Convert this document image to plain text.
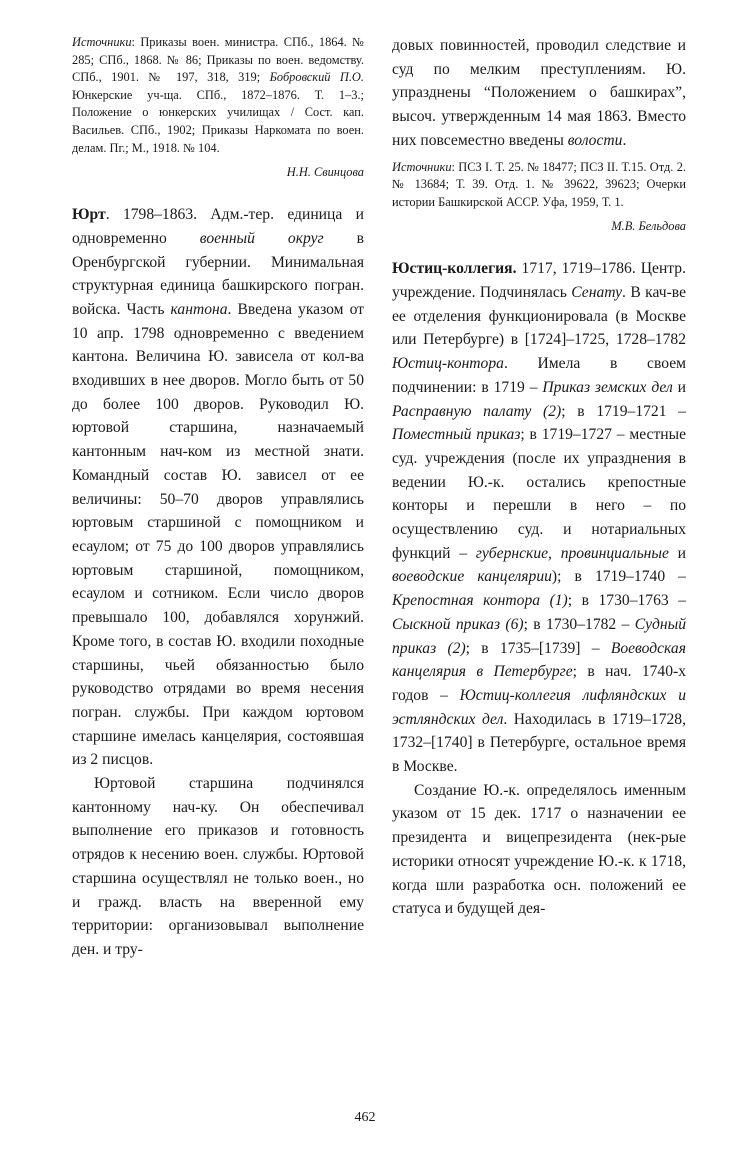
Источники: Приказы воен. министра. СПб., 1864. № 285; СПб., 1868. № 86; Приказы по воен. ведомству. СПб., 1901. № 197, 318, 319; Бобровский П.О. Юнкерские уч-ща. СПб., 1872–1876. Т. 1–3.; Положение о юнкерских училищах / Сост. кап. Васильев. СПб., 1902; Приказы Наркомата по воен. делам. Пг.; М., 1918. № 104.

Н.Н. Свинцова

Юрт. 1798–1863. Адм.-тер. единица и одновременно военный округ в Оренбургской губернии. Минимальная структурная единица башкирского погран. войска. Часть кантона. Введена указом от 10 апр. 1798 одновременно с введением кантона. Величина Ю. зависела от кол-ва входивших в нее дворов. Могло быть от 50 до более 100 дворов. Руководил Ю. юртовой старшина, назначаемый кантонным нач-ком из местной знати. Командный состав Ю. зависел от ее величины: 50–70 дворов управлялись юртовым старшиной с помощником и есаулом; от 75 до 100 дворов управлялись юртовым старшиной, помощником, есаулом и сотником. Если число дворов превышало 100, добавлялся хорунжий. Кроме того, в состав Ю. входили походные старшины, чьей обязанностью было руководство отрядами во время несения погран. службы. При каждом юртовом старшине имелась канцелярия, состоявшая из 2 писцов.

Юртовой старшина подчинялся кантонному нач-ку. Он обеспечивал выполнение его приказов и готовность отрядов к несению воен. службы. Юртовой старшина осуществлял не только воен., но и гражд. власть на вверенной ему территории: организовывал выполнение ден. и тру-

довых повинностей, проводил следствие и суд по мелким преступлениям. Ю. упразднены “Положением о башкирах”, высоч. утвержденным 14 мая 1863. Вместо них повсеместно введены волости.

Источники: ПСЗ I. Т. 25. № 18477; ПСЗ II. Т.15. Отд. 2. № 13684; Т. 39. Отд. 1. № 39622, 39623; Очерки истории Башкирской АССР. Уфа, 1959, Т. 1.

М.В. Бельдова

Юстиц-коллегия. 1717, 1719–1786. Центр. учреждение. Подчинялась Сенату. В кач-ве ее отделения функционировала (в Москве или Петербурге) в [1724]–1725, 1728–1782 Юстиц-контора. Имела в своем подчинении: в 1719 – Приказ земских дел и Расправную палату (2); в 1719–1721 – Поместный приказ; в 1719–1727 – местные суд. учреждения (после их упразднения в ведении Ю.-к. остались крепостные конторы и перешли в него – по осуществлению суд. и нотариальных функций – губернские, провинциальные и воеводские канцелярии); в 1719–1740 – Крепостная контора (1); в 1730–1763 – Сыскной приказ (6); в 1730–1782 – Судный приказ (2); в 1735–[1739] – Воеводская канцелярия в Петербурге; в нач. 1740-х годов – Юстиц-коллегия лифляндских и эстляндских дел. Находилась в 1719–1728, 1732–[1740] в Петербурге, остальное время в Москве.

Создание Ю.-к. определялось именным указом от 15 дек. 1717 о назначении ее президента и вицепрезидента (нек-рые историки относят учреждение Ю.-к. к 1718, когда шли разработка осн. положений ее статуса и будущей дея-

462
